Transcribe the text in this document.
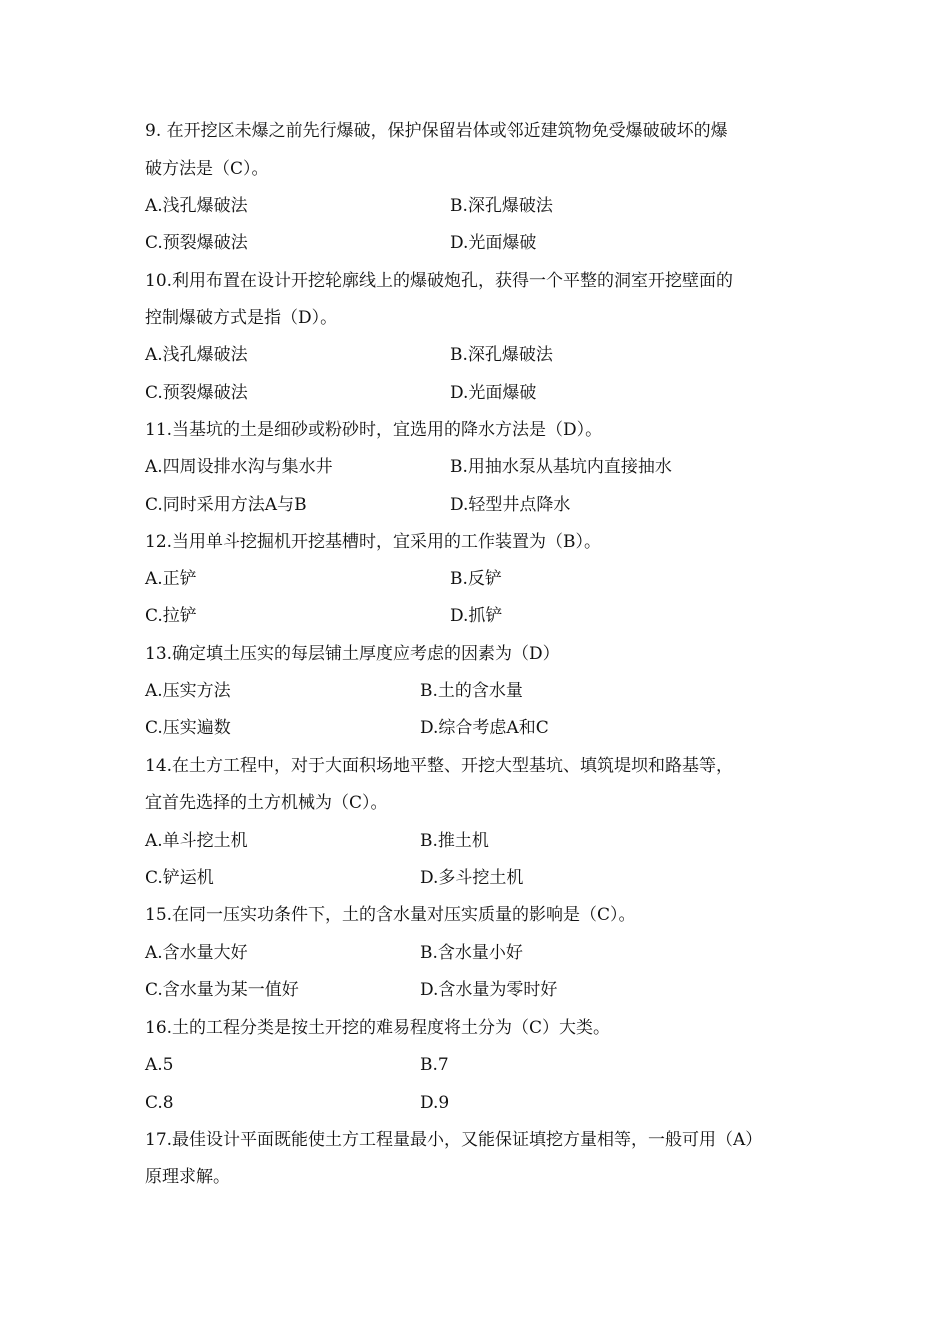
9. 在开挖区未爆之前先行爆破，保护保留岩体或邻近建筑物免受爆破破坏的爆
破方法是（C）。
A.浅孔爆破法	B.深孔爆破法
C.预裂爆破法	D.光面爆破
10.利用布置在设计开挖轮廓线上的爆破炮孔，获得一个平整的洞室开挖壁面的
控制爆破方式是指（D）。
A.浅孔爆破法	B.深孔爆破法
C.预裂爆破法	D.光面爆破
11.当基坑的土是细砂或粉砂时，宜选用的降水方法是（D）。
A.四周设排水沟与集水井	B.用抽水泵从基坑内直接抽水
C.同时采用方法A与B	D.轻型井点降水
12.当用单斗挖掘机开挖基槽时，宜采用的工作装置为（B）。
A.正铲	B.反铲
C.拉铲	D.抓铲
13.确定填土压实的每层铺土厚度应考虑的因素为（D）
A.压实方法	B.土的含水量
C.压实遍数	D.综合考虑A和C
14.在土方工程中，对于大面积场地平整、开挖大型基坑、填筑堤坝和路基等，
宜首先选择的土方机械为（C）。
A.单斗挖土机	B.推土机
C.铲运机	D.多斗挖土机
15.在同一压实功条件下，土的含水量对压实质量的影响是（C）。
A.含水量大好	B.含水量小好
C.含水量为某一值好	D.含水量为零时好
16.土的工程分类是按土开挖的难易程度将土分为（C）大类。
A.5	B.7
C.8	D.9
17.最佳设计平面既能使土方工程量最小，又能保证填挖方量相等，一般可用（A）
原理求解。
